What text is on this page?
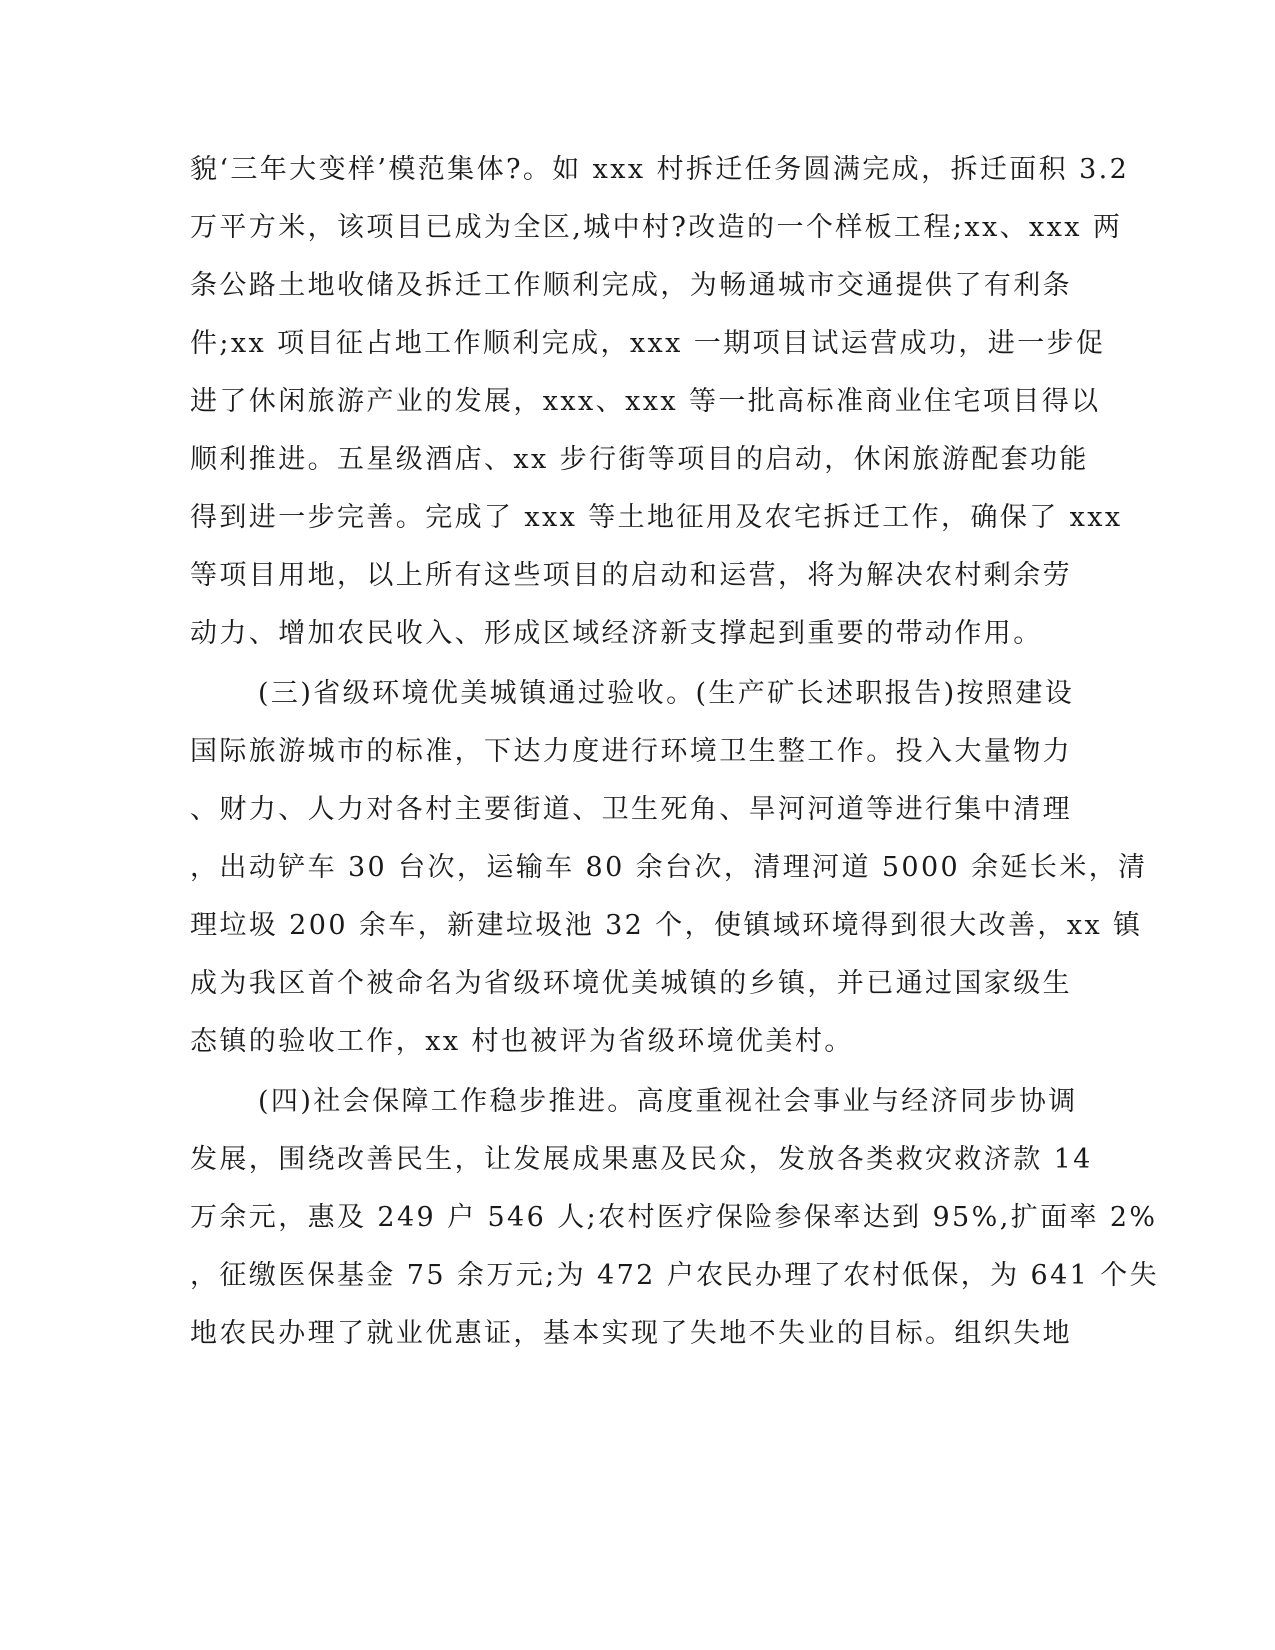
貌‘三年大变样’模范集体?。如 xxx 村拆迁任务圆满完成，拆迁面积 3.2
万平方米，该项目已成为全区,城中村?改造的一个样板工程;xx、xxx 两
条公路土地收储及拆迁工作顺利完成，为畅通城市交通提供了有利条
件;xx 项目征占地工作顺利完成，xxx 一期项目试运营成功，进一步促
进了休闲旅游产业的发展，xxx、xxx 等一批高标准商业住宅项目得以
顺利推进。五星级酒店、xx 步行街等项目的启动，休闲旅游配套功能
得到进一步完善。完成了 xxx 等土地征用及农宅拆迁工作，确保了 xxx
等项目用地，以上所有这些项目的启动和运营，将为解决农村剩余劳
动力、增加农民收入、形成区域经济新支撑起到重要的带动作用。
(三)省级环境优美城镇通过验收。(生产矿长述职报告)按照建设
国际旅游城市的标准，下达力度进行环境卫生整工作。投入大量物力
、财力、人力对各村主要街道、卫生死角、旱河河道等进行集中清理
，出动铲车 30 台次，运输车 80 余台次，清理河道 5000 余延长米，清
理垃圾 200 余车，新建垃圾池 32 个，使镇域环境得到很大改善，xx 镇
成为我区首个被命名为省级环境优美城镇的乡镇，并已通过国家级生
态镇的验收工作，xx 村也被评为省级环境优美村。
(四)社会保障工作稳步推进。高度重视社会事业与经济同步协调
发展，围绕改善民生，让发展成果惠及民众，发放各类救灾救济款 14
万余元，惠及 249 户 546 人;农村医疗保险参保率达到 95%,扩面率 2%
，征缴医保基金 75 余万元;为 472 户农民办理了农村低保，为 641 个失
地农民办理了就业优惠证，基本实现了失地不失业的目标。组织失地
